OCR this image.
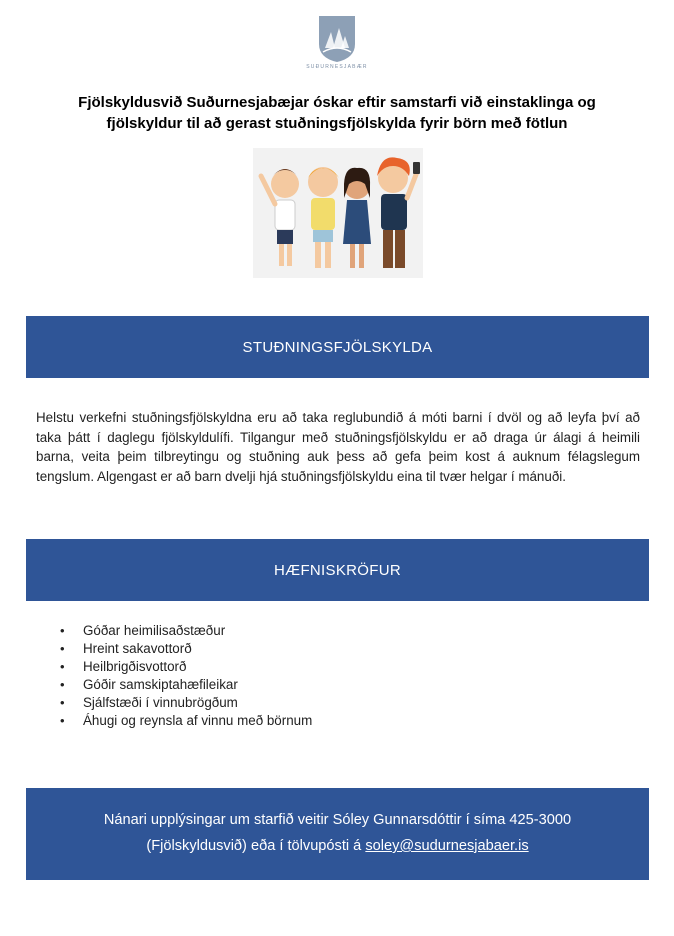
SUÐURNESJABÆR
Fjölskyldusvið Suðurnesjabæjar óskar eftir samstarfi við einstaklinga og fjölskyldur til að gerast stuðningsfjölskylda fyrir börn með fötlun
STUÐNINGSFJÖLSKYLDA
Helstu verkefni stuðningsfjölskyldna eru að taka reglubundið á móti barni í dvöl og að leyfa því að taka þátt í daglegu fjölskyldulífi. Tilgangur með stuðningsfjölskyldu er að draga úr álagi á heimili barna, veita þeim tilbreytingu og stuðning auk þess að gefa þeim kost á auknum félagslegum tengslum. Algengast er að barn dvelji hjá stuðningsfjölskyldu eina til tvær helgar í mánuði.
HÆFNISKRÖFUR
• Góðar heimilisaðstæður
• Hreint sakavottorð
• Heilbrigðisvottorð
• Góðir samskiptahæfileikar
• Sjálfstæði í vinnubrögðum
• Áhugi og reynsla af vinnu með börnum
Nánari upplýsingar um starfið veitir Sóley Gunnarsdóttir í síma 425-3000
(Fjölskyldusvið) eða í tölvupósti á soley@sudurnesjabaer.is
